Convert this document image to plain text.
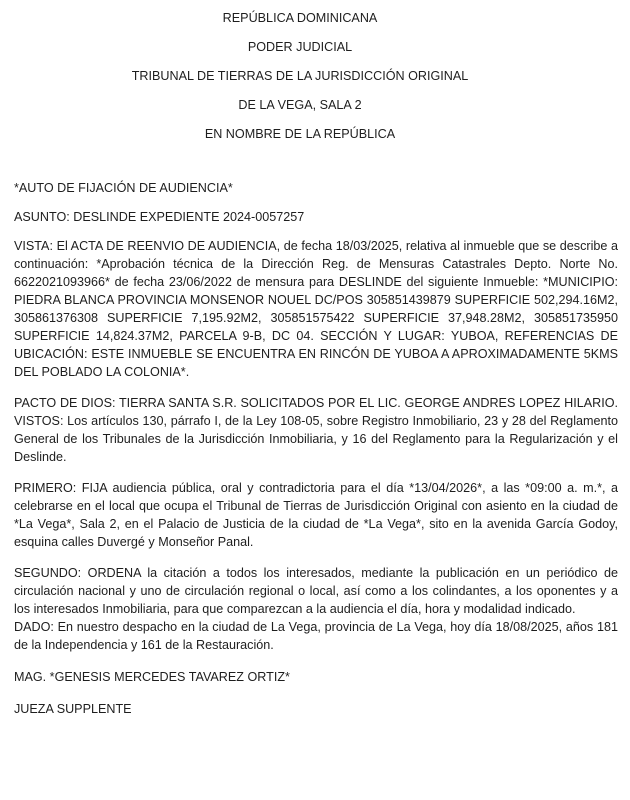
REPÚBLICA DOMINICANA
PODER JUDICIAL
TRIBUNAL DE TIERRAS DE LA JURISDICCIÓN ORIGINAL
DE LA VEGA, SALA 2
EN NOMBRE DE LA REPÚBLICA
*AUTO DE FIJACIÓN DE AUDIENCIA*
ASUNTO: DESLINDE EXPEDIENTE 2024-0057257
VISTA: El ACTA DE REENVIO DE AUDIENCIA, de fecha 18/03/2025, relativa al inmueble que se describe a continuación: *Aprobación técnica de la Dirección Reg. de Mensuras Catastrales Depto. Norte No. 6622021093966* de fecha 23/06/2022 de mensura para DESLINDE del siguiente Inmueble: *MUNICIPIO: PIEDRA BLANCA PROVINCIA MONSENOR NOUEL DC/POS 305851439879 SUPERFICIE 502,294.16M2, 305861376308 SUPERFICIE 7,195.92M2, 305851575422 SUPERFICIE 37,948.28M2, 305851735950 SUPERFICIE 14,824.37M2, PARCELA 9-B, DC 04. SECCIÓN Y LUGAR: YUBOA, REFERENCIAS DE UBICACIÓN: ESTE INMUEBLE SE ENCUENTRA EN RINCÓN DE YUBOA A APROXIMADAMENTE 5KMS DEL POBLADO LA COLONIA*.
PACTO DE DIOS: TIERRA SANTA S.R. SOLICITADOS POR EL LIC. GEORGE ANDRES LOPEZ HILARIO. VISTOS: Los artículos 130, párrafo I, de la Ley 108-05, sobre Registro Inmobiliario, 23 y 28 del Reglamento General de los Tribunales de la Jurisdicción Inmobiliaria, y 16 del Reglamento para la Regularización y el Deslinde.
PRIMERO: FIJA audiencia pública, oral y contradictoria para el día *13/04/2026*, a las *09:00 a. m.*, a celebrarse en el local que ocupa el Tribunal de Tierras de Jurisdicción Original con asiento en la ciudad de *La Vega*, Sala 2, en el Palacio de Justicia de la ciudad de *La Vega*, sito en la avenida García Godoy, esquina calles Duvergé y Monseñor Panal.
SEGUNDO: ORDENA la citación a todos los interesados, mediante la publicación en un periódico de circulación nacional y uno de circulación regional o local, así como a los colindantes, a los oponentes y a los interesados Inmobiliaria, para que comparezcan a la audiencia el día, hora y modalidad indicado.
DADO: En nuestro despacho en la ciudad de La Vega, provincia de La Vega, hoy día 18/08/2025, años 181 de la Independencia y 161 de la Restauración.
MAG. *GENESIS MERCEDES TAVAREZ ORTIZ*
JUEZA SUPPLENTE
